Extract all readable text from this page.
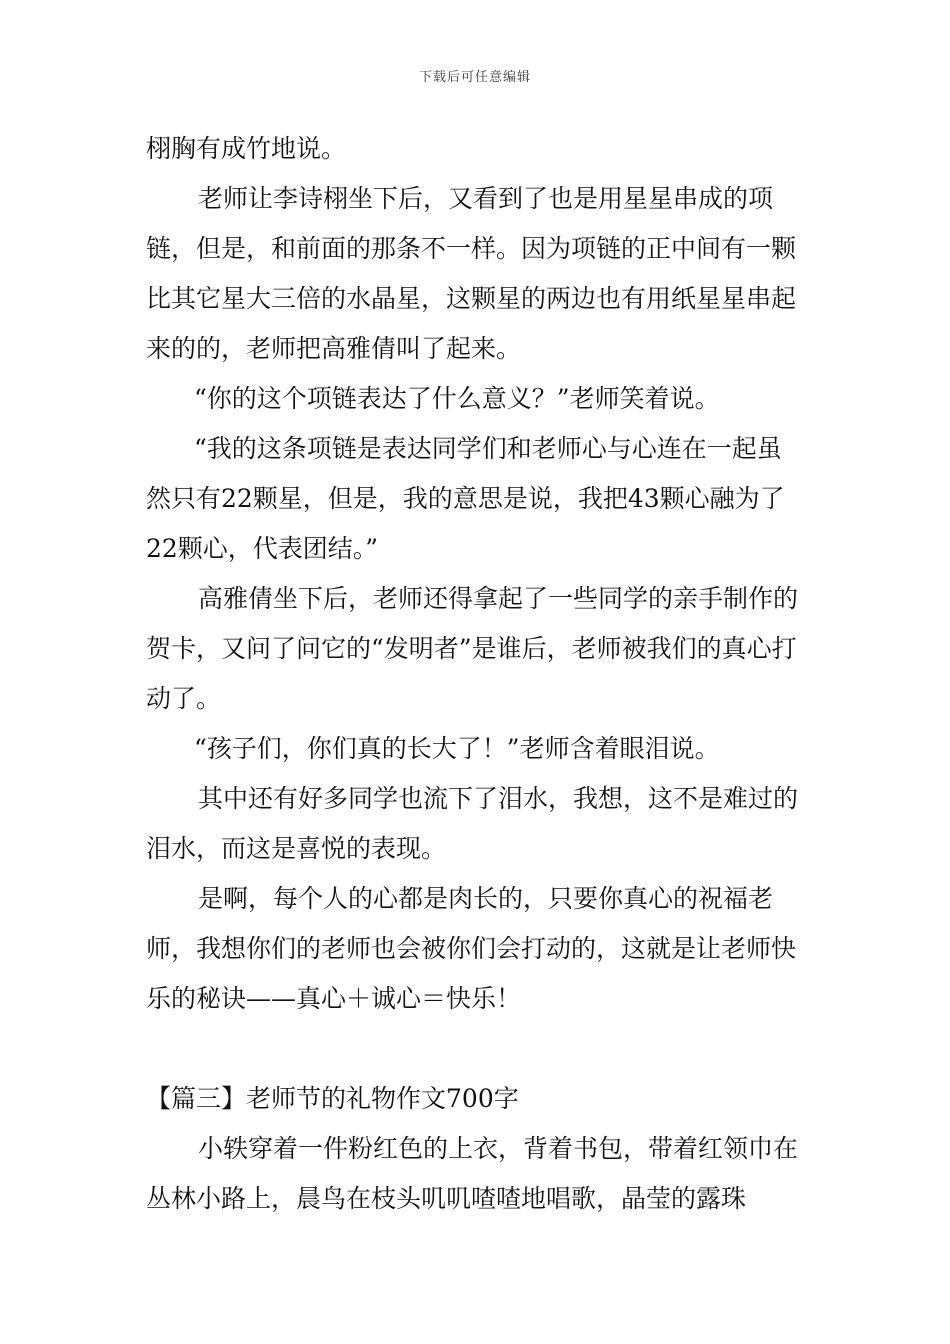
下载后可任意编辑

栩胸有成竹地说。

老师让李诗栩坐下后，又看到了也是用星星串成的项链，但是，和前面的那条不一样。因为项链的正中间有一颗比其它星大三倍的水晶星，这颗星的两边也有用纸星星串起来的的，老师把高雅倩叫了起来。

“你的这个项链表达了什么意义？”老师笑着说。

“我的这条项链是表达同学们和老师心与心连在一起虽然只有22颗星，但是，我的意思是说，我把43颗心融为了22颗心，代表团结。”

高雅倩坐下后，老师还得拿起了一些同学的亲手制作的贺卡，又问了问它的“发明者”是谁后，老师被我们的真心打动了。

“孩子们，你们真的长大了！”老师含着眼泪说。

其中还有好多同学也流下了泪水，我想，这不是难过的泪水，而这是喜悦的表现。

是啊，每个人的心都是肉长的，只要你真心的祝福老师，我想你们的老师也会被你们会打动的，这就是让老师快乐的秘诀——真心＋诚心＝快乐！

【篇三】老师节的礼物作文700字

小轶穿着一件粉红色的上衣，背着书包，带着红领巾在丛林小路上，晨鸟在枝头叽叽喳喳地唱歌，晶莹的露珠
